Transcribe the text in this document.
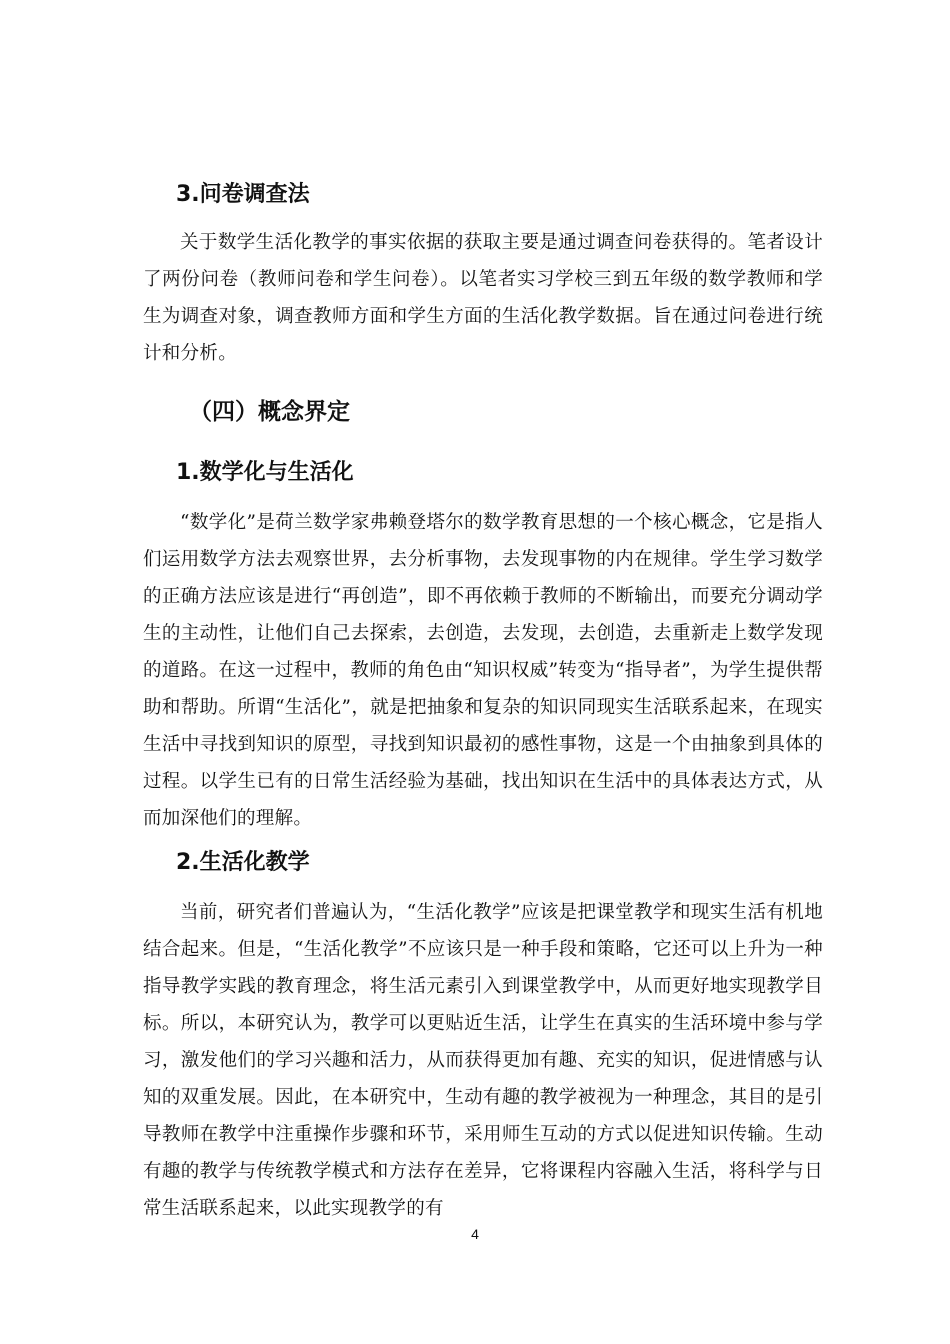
3.问卷调查法
关于数学生活化教学的事实依据的获取主要是通过调查问卷获得的。笔者设计了两份问卷（教师问卷和学生问卷）。以笔者实习学校三到五年级的数学教师和学生为调查对象，调查教师方面和学生方面的生活化教学数据。旨在通过问卷进行统计和分析。
（四）概念界定
1.数学化与生活化
“数学化”是荷兰数学家弗赖登塔尔的数学教育思想的一个核心概念，它是指人们运用数学方法去观察世界，去分析事物，去发现事物的内在规律。学生学习数学的正确方法应该是进行“再创造”，即不再依赖于教师的不断输出，而要充分调动学生的主动性，让他们自己去探索，去创造，去发现，去创造，去重新走上数学发现的道路。在这一过程中，教师的角色由“知识权威”转变为“指导者”，为学生提供帮助和帮助。所谓“生活化”，就是把抽象和复杂的知识同现实生活联系起来，在现实生活中寻找到知识的原型，寻找到知识最初的感性事物，这是一个由抽象到具体的过程。以学生已有的日常生活经验为基础，找出知识在生活中的具体表达方式，从而加深他们的理解。
2.生活化教学
当前，研究者们普遍认为，“生活化教学”应该是把课堂教学和现实生活有机地结合起来。但是，“生活化教学”不应该只是一种手段和策略，它还可以上升为一种指导教学实践的教育理念，将生活元素引入到课堂教学中，从而更好地实现教学目标。所以，本研究认为，教学可以更贴近生活，让学生在真实的生活环境中参与学习，激发他们的学习兴趣和活力，从而获得更加有趣、充实的知识，促进情感与认知的双重发展。因此，在本研究中，生动有趣的教学被视为一种理念，其目的是引导教师在教学中注重操作步骤和环节，采用师生互动的方式以促进知识传输。生动有趣的教学与传统教学模式和方法存在差异，它将课程内容融入生活，将科学与日常生活联系起来，以此实现教学的有
4
